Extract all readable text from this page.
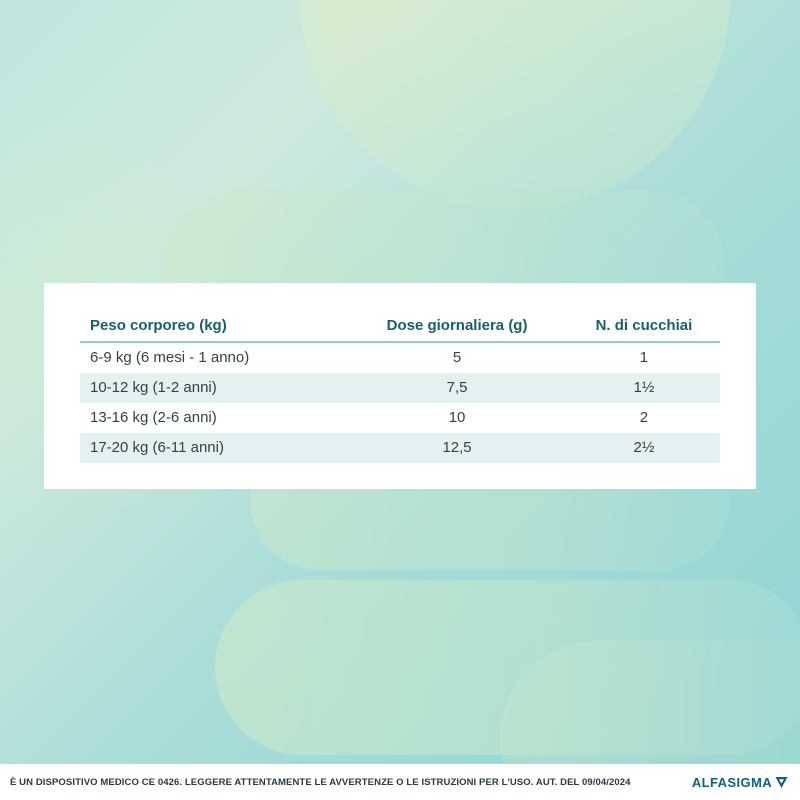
Peso corporeo (kg)	Dose giornaliera (g)	N. di cucchiai
6-9 kg (6 mesi - 1 anno)	5	1
10-12 kg (1-2 anni)	7,5	1½
13-16 kg (2-6 anni)	10	2
17-20 kg (6-11 anni)	12,5	2½
È UN DISPOSITIVO MEDICO CE 0426. LEGGERE ATTENTAMENTE LE AVVERTENZE O LE ISTRUZIONI PER L'USO. AUT. DEL 09/04/2024	ALFASIGMA
